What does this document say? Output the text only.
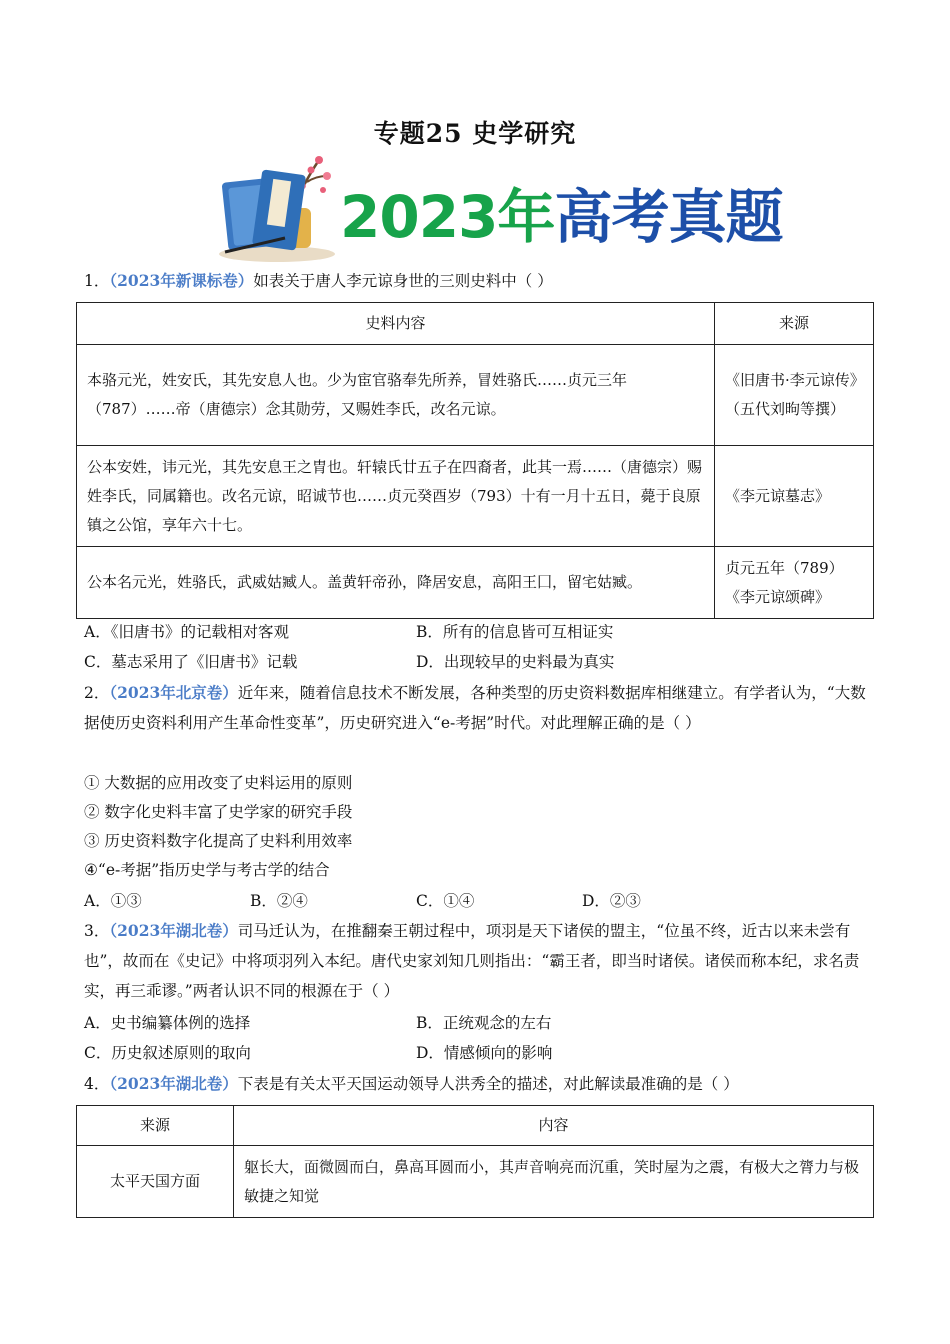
专题25 史学研究
2023年高考真题
1．（2023年新课标卷）如表关于唐人李元谅身世的三则史料中（ ）
史料内容	来源
本骆元光，姓安氏，其先安息人也。少为宦官骆奉先所养，冒姓骆氏……贞元三年（787）……帝（唐德宗）念其勋劳，又赐姓李氏，改名元谅。	《旧唐书·李元谅传》（五代刘昫等撰）
公本安姓，讳元光，其先安息王之胄也。轩辕氏廿五子在四裔者，此其一焉……（唐德宗）赐姓李氏，同属籍也。改名元谅，昭诚节也……贞元癸酉岁（793）十有一月十五日，薨于良原镇之公馆，享年六十七。	《李元谅墓志》
公本名元光，姓骆氏，武威姑臧人。盖黄轩帝孙，降居安息，高阳王囗，留宅姑臧。	贞元五年（789）《李元谅颂碑》
A．《旧唐书》的记载相对客观	B．所有的信息皆可互相证实
C．墓志采用了《旧唐书》记载	D．出现较早的史料最为真实
2．（2023年北京卷）近年来，随着信息技术不断发展，各种类型的历史资料数据库相继建立。有学者认为，“大数据使历史资料利用产生革命性变革”，历史研究进入“e-考据”时代。对此理解正确的是（ ）
① 大数据的应用改变了史料运用的原则
② 数字化史料丰富了史学家的研究手段
③ 历史资料数字化提高了史料利用效率
④“e-考据”指历史学与考古学的结合
A．①③	B．②④	C．①④	D．②③
3．（2023年湖北卷）司马迁认为，在推翻秦王朝过程中，项羽是天下诸侯的盟主，“位虽不终，近古以来未尝有也”，故而在《史记》中将项羽列入本纪。唐代史家刘知几则指出：“霸王者，即当时诸侯。诸侯而称本纪，求名责实，再三乖谬。”两者认识不同的根源在于（ ）
A．史书编纂体例的选择	B．正统观念的左右
C．历史叙述原则的取向	D．情感倾向的影响
4．（2023年湖北卷）下表是有关太平天国运动领导人洪秀全的描述，对此解读最准确的是（ ）
来源	内容
太平天国方面	躯长大，面微圆而白，鼻高耳圆而小，其声音响亮而沉重，笑时屋为之震，有极大之膂力与极敏捷之知觉
